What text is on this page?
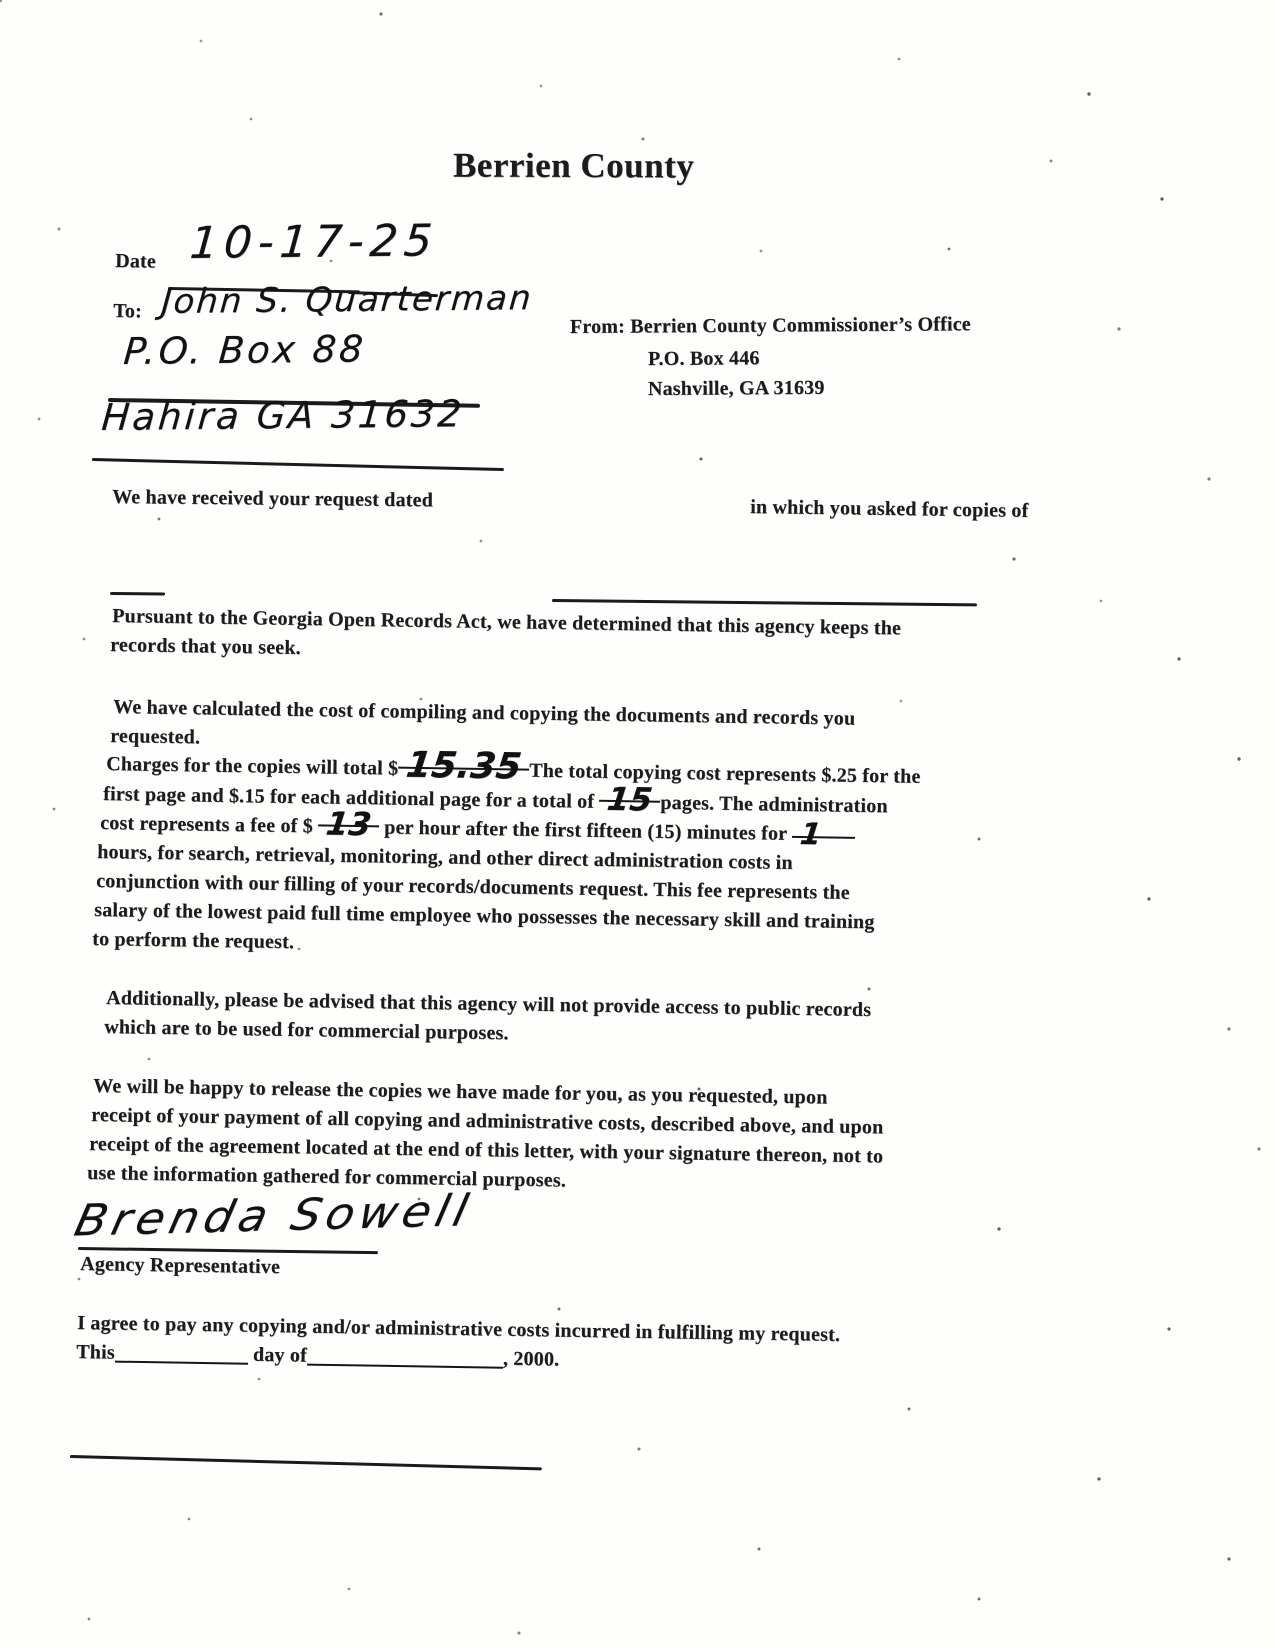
Berrien County
Date 10-17-25
To: John S. Quarterman
From: Berrien County Commissioner’s Office
P.O. Box 446
Nashville, GA 31639
P.O. Box 88
Hahira GA 31632
We have received your request dated	in which you asked for copies of
Pursuant to the Georgia Open Records Act, we have determined that this agency keeps the
records that you seek.
We have calculated the cost of compiling and copying the documents and records you
requested.
Charges for the copies will total $ 15.35 The total copying cost represents $.25 for the
first page and $.15 for each additional page for a total of 15 pages. The administration
cost represents a fee of $ 13 per hour after the first fifteen (15) minutes for 1
hours, for search, retrieval, monitoring, and other direct administration costs in
conjunction with our filling of your records/documents request. This fee represents the
salary of the lowest paid full time employee who possesses the necessary skill and training
to perform the request.
Additionally, please be advised that this agency will not provide access to public records
which are to be used for commercial purposes.
We will be happy to release the copies we have made for you, as you requested, upon
receipt of your payment of all copying and administrative costs, described above, and upon
receipt of the agreement located at the end of this letter, with your signature thereon, not to
use the information gathered for commercial purposes.
Brenda Sowell
Agency Representative
I agree to pay any copying and/or administrative costs incurred in fulfilling my request.
This	day of	, 2000.
